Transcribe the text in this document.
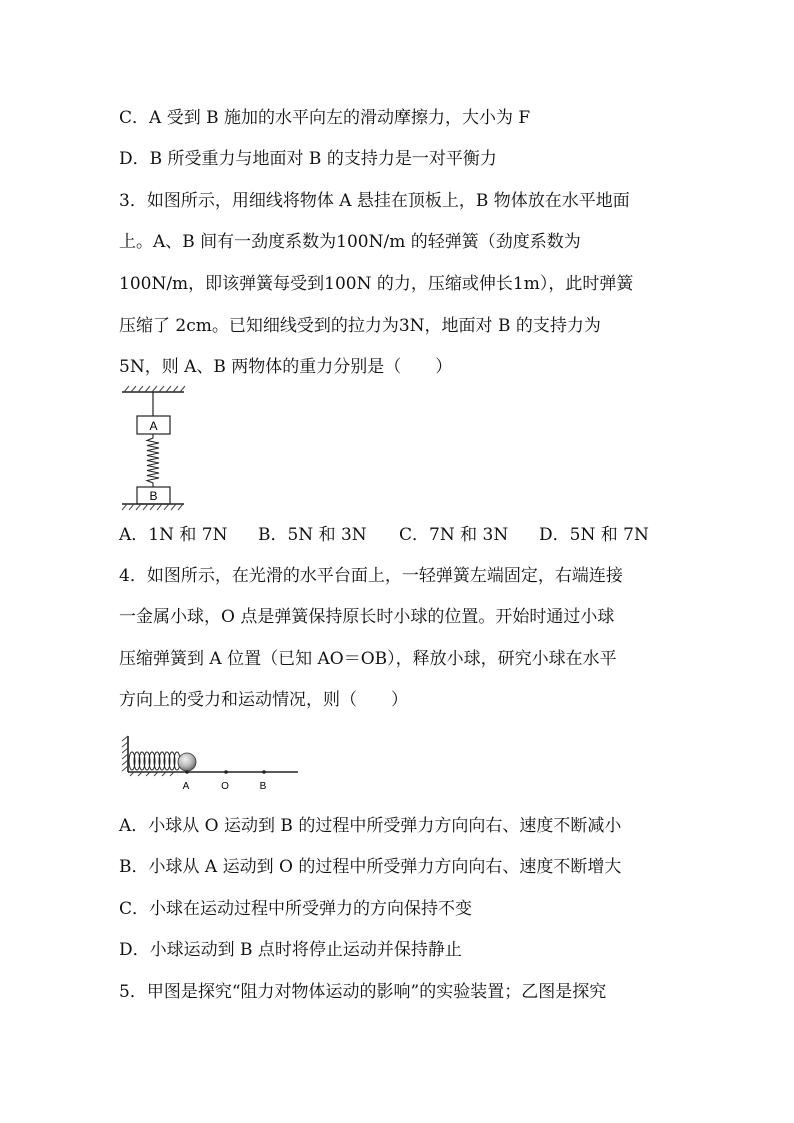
C．A 受到 B 施加的水平向左的滑动摩擦力，大小为 F
D．B 所受重力与地面对 B 的支持力是一对平衡力
3．如图所示，用细线将物体 A 悬挂在顶板上，B 物体放在水平地面
上。A、B 间有一劲度系数为100N/m 的轻弹簧（劲度系数为
100N/m，即该弹簧每受到100N 的力，压缩或伸长1m），此时弹簧
压缩了 2cm。已知细线受到的拉力为3N，地面对 B 的支持力为
5N，则 A、B 两物体的重力分别是（　　）
A
B
A．1N 和 7N B．5N 和 3N C．7N 和 3N D．5N 和 7N
4．如图所示，在光滑的水平台面上，一轻弹簧左端固定，右端连接
一金属小球，O 点是弹簧保持原长时小球的位置。开始时通过小球
压缩弹簧到 A 位置（已知 AO＝OB），释放小球，研究小球在水平
方向上的受力和运动情况，则（　　）
A	O	B
A．小球从 O 运动到 B 的过程中所受弹力方向向右、速度不断减小
B．小球从 A 运动到 O 的过程中所受弹力方向向右、速度不断增大
C．小球在运动过程中所受弹力的方向保持不变
D．小球运动到 B 点时将停止运动并保持静止
5．甲图是探究“阻力对物体运动的影响”的实验装置；乙图是探究
